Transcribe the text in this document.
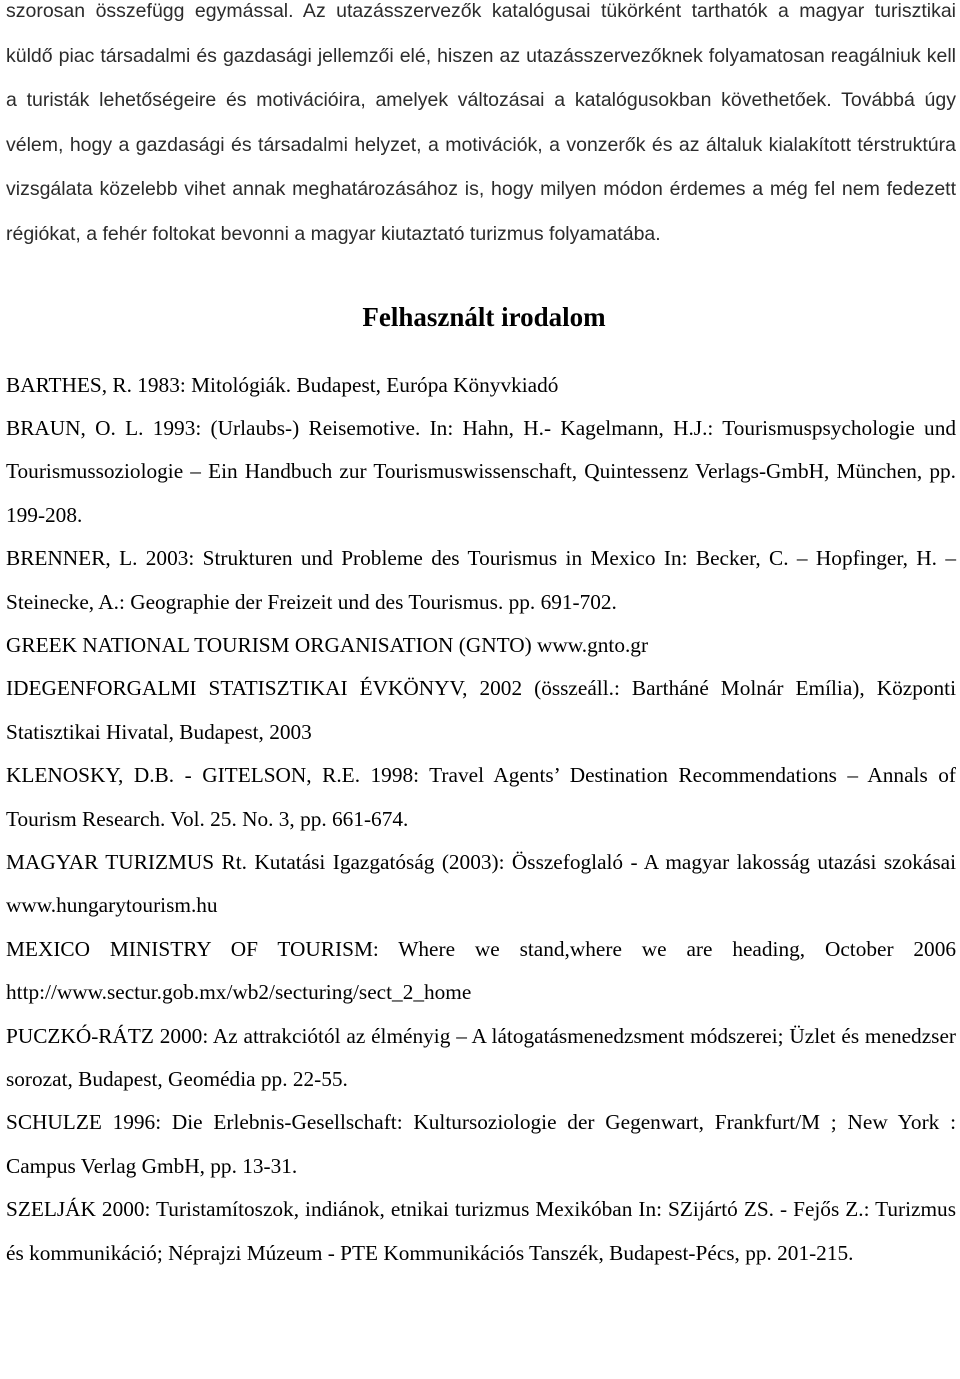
szorosan összefügg egymással. Az utazásszervezők katalógusai tükörként tarthatók a magyar turisztikai küldő piac társadalmi és gazdasági jellemzői elé, hiszen az utazásszervezőknek folyamatosan reagálniuk kell a turisták lehetőségeire és motivációira, amelyek változásai a katalógusokban követhetőek. Továbbá úgy vélem, hogy a gazdasági és társadalmi helyzet, a motivációk, a vonzerők és az általuk kialakított térstruktúra vizsgálata közelebb vihet annak meghatározásához is, hogy milyen módon érdemes a még fel nem fedezett régiókat, a fehér foltokat bevonni a magyar kiutaztató turizmus folyamatába.

Felhasznált irodalom

BARTHES, R. 1983: Mitológiák. Budapest, Európa Könyvkiadó

BRAUN, O. L. 1993: (Urlaubs-) Reisemotive. In: Hahn, H.- Kagelmann, H.J.: Tourismuspsychologie und Tourismussoziologie – Ein Handbuch zur Tourismuswissenschaft, Quintessenz Verlags-GmbH, München, pp. 199-208.

BRENNER, L. 2003: Strukturen und Probleme des Tourismus in Mexico In: Becker, C. – Hopfinger, H. – Steinecke, A.: Geographie der Freizeit und des Tourismus. pp. 691-702.

GREEK NATIONAL TOURISM ORGANISATION (GNTO) www.gnto.gr

IDEGENFORGALMI STATISZTIKAI ÉVKÖNYV, 2002 (összeáll.: Bartháné Molnár Emília), Központi Statisztikai Hivatal, Budapest, 2003

KLENOSKY, D.B. - GITELSON, R.E. 1998: Travel Agents’ Destination Recommendations – Annals of Tourism Research. Vol. 25. No. 3, pp. 661-674.

MAGYAR TURIZMUS Rt. Kutatási Igazgatóság (2003): Összefoglaló - A magyar lakosság utazási szokásai www.hungarytourism.hu

MEXICO MINISTRY OF TOURISM: Where we stand,where we are heading, October 2006 http://www.sectur.gob.mx/wb2/secturing/sect_2_home

PUCZKÓ-RÁTZ 2000: Az attrakciótól az élményig – A látogatásmenedzsment módszerei; Üzlet és menedzser sorozat, Budapest, Geomédia pp. 22-55.

SCHULZE 1996: Die Erlebnis-Gesellschaft: Kultursoziologie der Gegenwart, Frankfurt/M ; New York : Campus Verlag GmbH, pp. 13-31.

SZELJÁK 2000: Turistamítoszok, indiánok, etnikai turizmus Mexikóban In: SZijártó ZS. - Fejős Z.: Turizmus és kommunikáció; Néprajzi Múzeum - PTE Kommunikációs Tanszék, Budapest-Pécs, pp. 201-215.
